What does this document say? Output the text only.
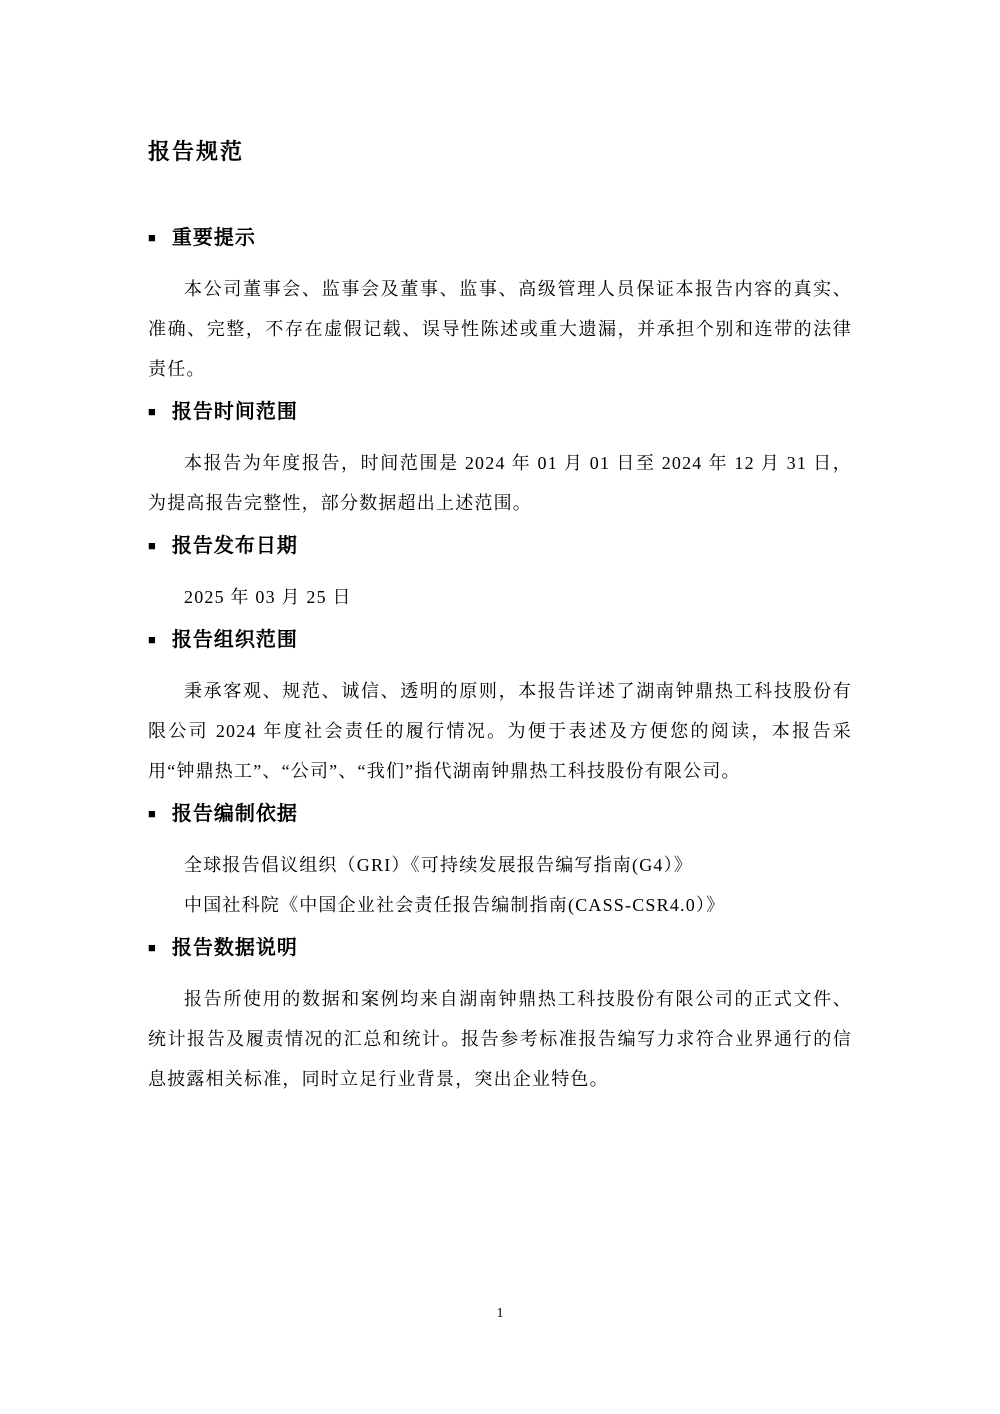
报告规范
■ 重要提示

本公司董事会、监事会及董事、监事、高级管理人员保证本报告内容的真实、准确、完整，不存在虚假记载、误导性陈述或重大遗漏，并承担个别和连带的法律责任。

■ 报告时间范围

本报告为年度报告，时间范围是 2024 年 01 月 01 日至 2024 年 12 月 31 日，为提高报告完整性，部分数据超出上述范围。

■ 报告发布日期

2025 年 03 月 25 日

■ 报告组织范围

秉承客观、规范、诚信、透明的原则，本报告详述了湖南钟鼎热工科技股份有限公司 2024 年度社会责任的履行情况。为便于表述及方便您的阅读，本报告采用“钟鼎热工”、“公司”、“我们”指代湖南钟鼎热工科技股份有限公司。

■ 报告编制依据

全球报告倡议组织（GRI）《可持续发展报告编写指南(G4）》

中国社科院《中国企业社会责任报告编制指南(CASS-CSR4.0）》

■ 报告数据说明

报告所使用的数据和案例均来自湖南钟鼎热工科技股份有限公司的正式文件、统计报告及履责情况的汇总和统计。报告参考标准报告编写力求符合业界通行的信息披露相关标准，同时立足行业背景，突出企业特色。

1
